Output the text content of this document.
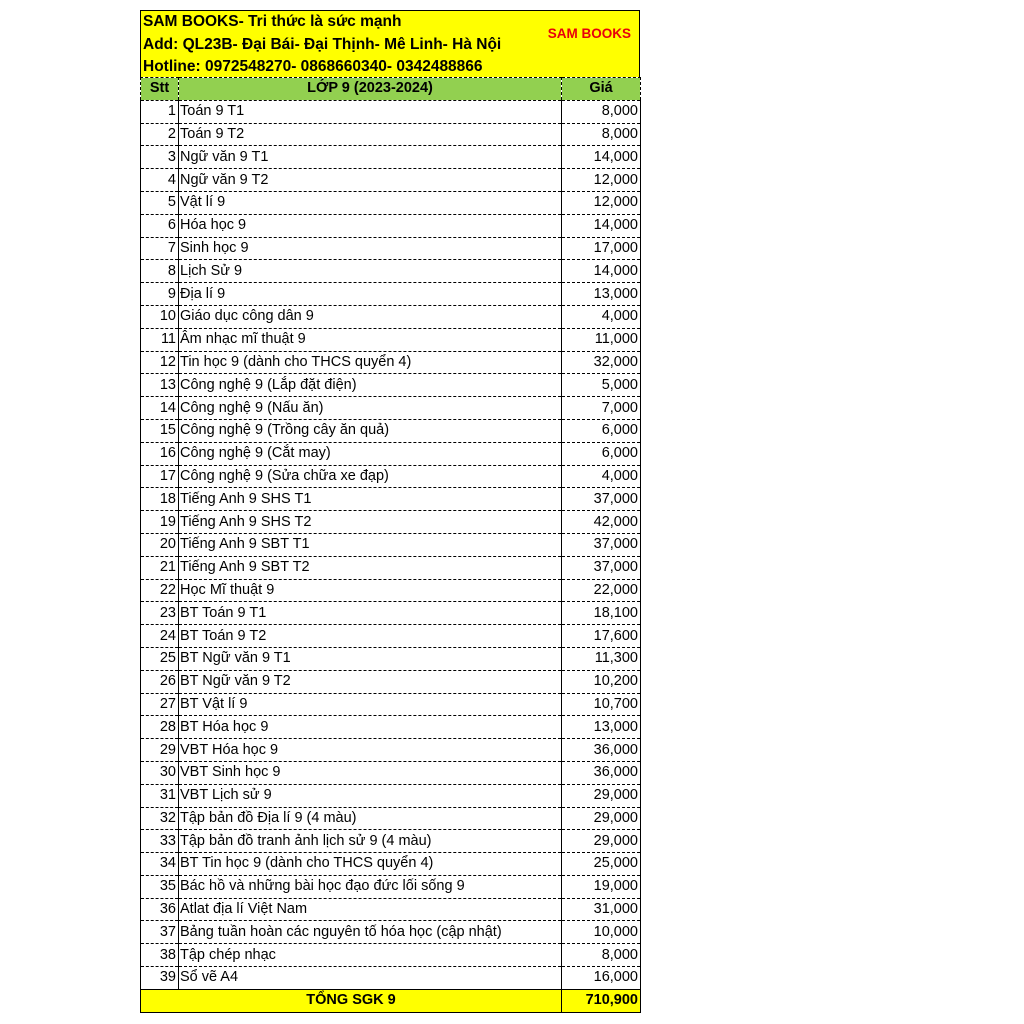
SAM BOOKS- Tri thức là sức mạnh
Add: QL23B- Đại Bái- Đại Thịnh- Mê Linh- Hà Nội
Hotline: 0972548270- 0868660340- 0342488866
SAM BOOKS
Stt	LỚP 9 (2023-2024)	Giá
1	Toán 9 T1	8,000
2	Toán 9 T2	8,000
3	Ngữ văn 9 T1	14,000
4	Ngữ văn 9 T2	12,000
5	Vật lí 9	12,000
6	Hóa học 9	14,000
7	Sinh học 9	17,000
8	Lịch Sử 9	14,000
9	Địa lí 9	13,000
10	Giáo dục công dân 9	4,000
11	Âm nhạc mĩ thuật 9	11,000
12	Tin học 9 (dành cho THCS quyển 4)	32,000
13	Công nghệ 9 (Lắp đặt điện)	5,000
14	Công nghệ 9 (Nấu ăn)	7,000
15	Công nghệ 9 (Trồng cây ăn quả)	6,000
16	Công nghệ 9 (Cắt may)	6,000
17	Công nghệ 9 (Sửa chữa xe đạp)	4,000
18	Tiếng Anh 9 SHS T1	37,000
19	Tiếng Anh 9 SHS T2	42,000
20	Tiếng Anh 9 SBT T1	37,000
21	Tiếng Anh 9 SBT T2	37,000
22	Học Mĩ thuật 9	22,000
23	BT Toán 9 T1	18,100
24	BT Toán 9 T2	17,600
25	BT Ngữ văn 9 T1	11,300
26	BT Ngữ văn 9 T2	10,200
27	BT Vật lí 9	10,700
28	BT Hóa học 9	13,000
29	VBT Hóa học 9	36,000
30	VBT Sinh học 9	36,000
31	VBT Lịch sử 9	29,000
32	Tập bản đồ Địa lí 9 (4 màu)	29,000
33	Tập bản đồ tranh ảnh lịch sử 9 (4 màu)	29,000
34	BT Tin học 9 (dành cho THCS quyển 4)	25,000
35	Bác hồ và những bài học đạo đức lối sống 9	19,000
36	Atlat địa lí Việt Nam	31,000
37	Bảng tuần hoàn các nguyên tố hóa học (cập nhật)	10,000
38	Tập chép nhạc	8,000
39	Sổ vẽ A4	16,000
TỔNG SGK 9		710,900
